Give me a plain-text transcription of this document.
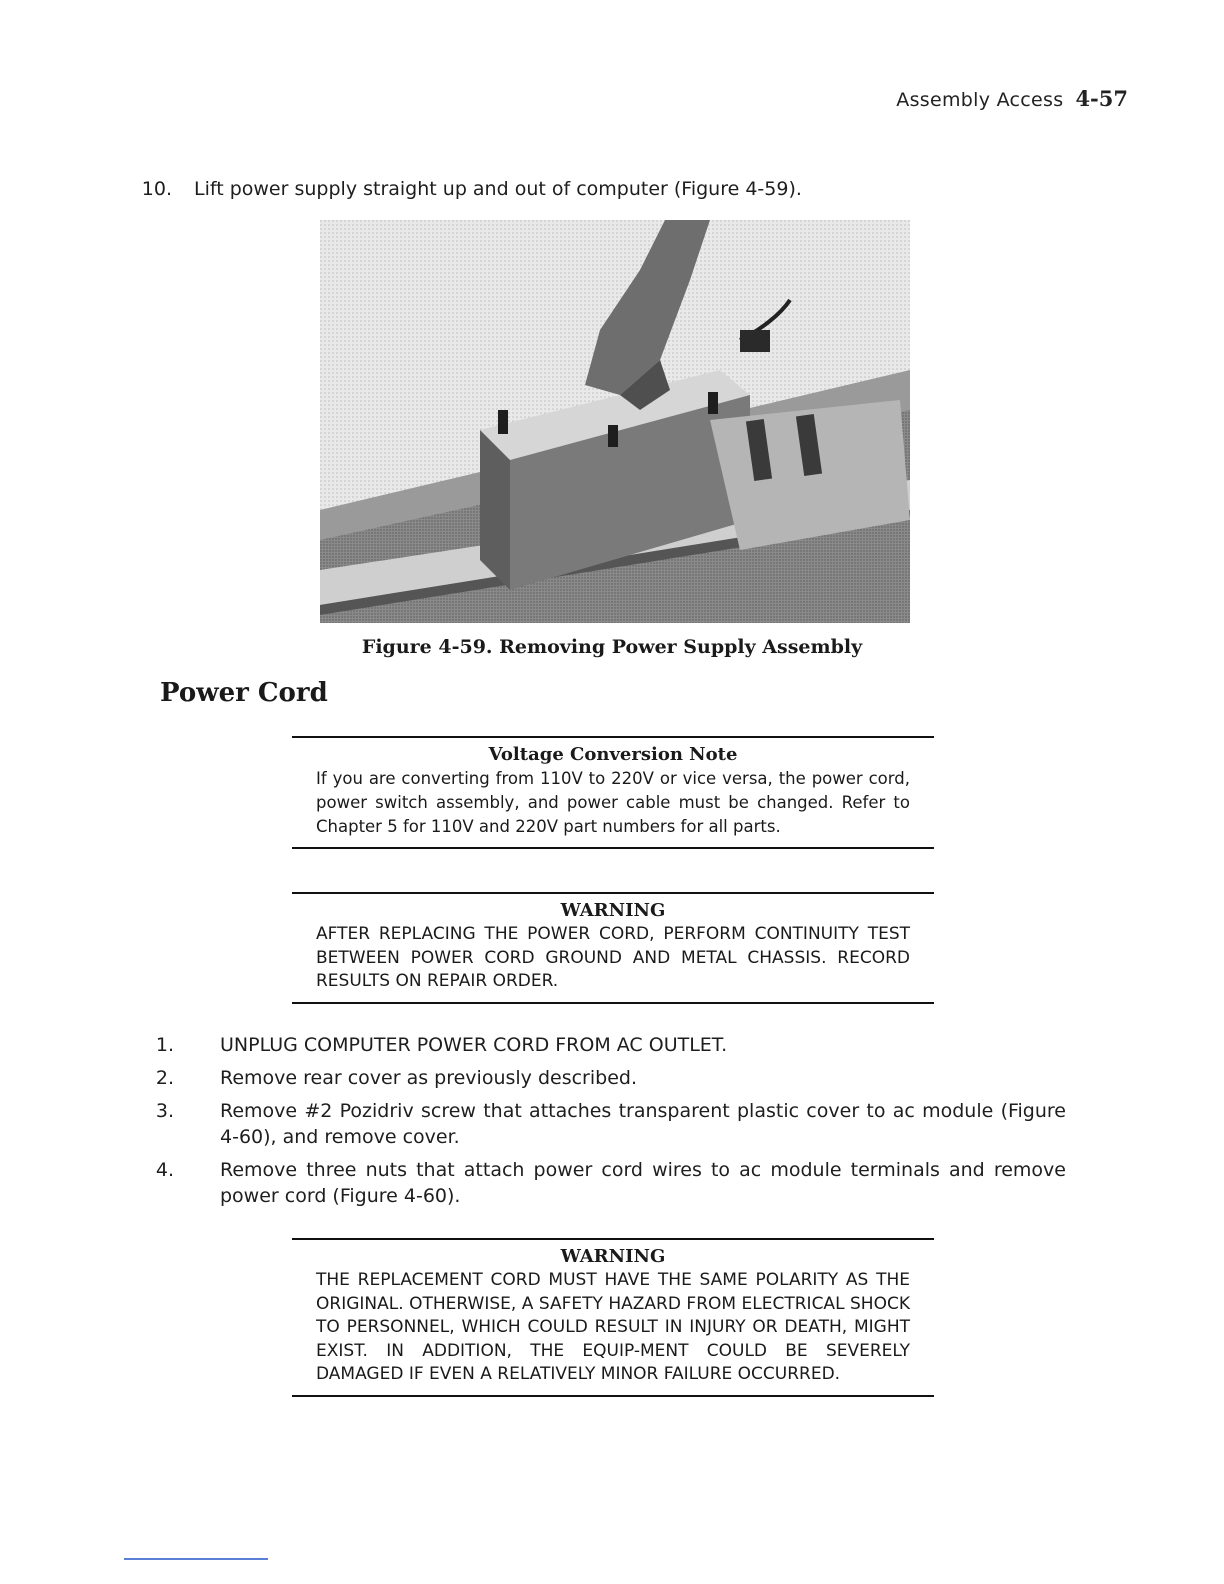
Assembly Access 4-57
10. Lift power supply straight up and out of computer (Figure 4-59).
Figure 4-59. Removing Power Supply Assembly
Power Cord
Voltage Conversion Note
If you are converting from 110V to 220V or vice versa, the power cord, power switch assembly, and power cable must be changed. Refer to Chapter 5 for 110V and 220V part numbers for all parts.
WARNING
AFTER REPLACING THE POWER CORD, PERFORM CONTINUITY TEST BETWEEN POWER CORD GROUND AND METAL CHASSIS. RECORD RESULTS ON REPAIR ORDER.
1. UNPLUG COMPUTER POWER CORD FROM AC OUTLET.
2. Remove rear cover as previously described.
3. Remove #2 Pozidriv screw that attaches transparent plastic cover to ac module (Figure 4-60), and remove cover.
4. Remove three nuts that attach power cord wires to ac module terminals and remove power cord (Figure 4-60).
WARNING
THE REPLACEMENT CORD MUST HAVE THE SAME POLARITY AS THE ORIGINAL. OTHERWISE, A SAFETY HAZARD FROM ELECTRICAL SHOCK TO PERSONNEL, WHICH COULD RESULT IN INJURY OR DEATH, MIGHT EXIST. IN ADDITION, THE EQUIP-MENT COULD BE SEVERELY DAMAGED IF EVEN A RELATIVELY MINOR FAILURE OCCURRED.
